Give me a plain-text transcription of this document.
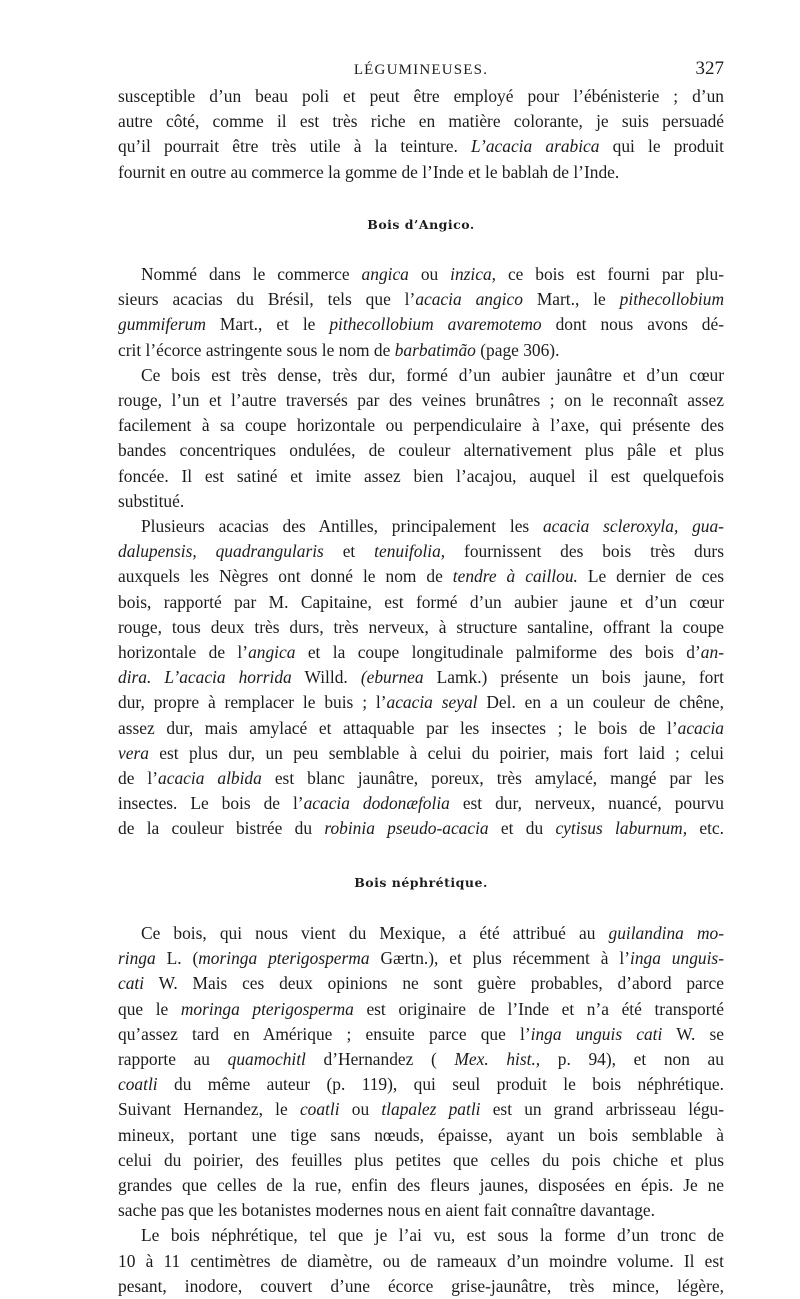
LÉGUMINEUSES.	327

susceptible d’un beau poli et peut être employé pour l’ébénisterie ; d’un
autre côté, comme il est très riche en matière colorante, je suis persuadé
qu’il pourrait être très utile à la teinture. L’acacia arabica qui le produit
fournit en outre au commerce la gomme de l’Inde et le bablah de l’Inde.

Bois d’Angico.

Nommé dans le commerce angica ou inzica, ce bois est fourni par plu-
sieurs acacias du Brésil, tels que l’acacia angico Mart., le pithecollobium
gummiferum Mart., et le pithecollobium avaremotemo dont nous avons dé-
crit l’écorce astringente sous le nom de barbatimão (page 306).

Ce bois est très dense, très dur, formé d’un aubier jaunâtre et d’un cœur
rouge, l’un et l’autre traversés par des veines brunâtres ; on le reconnaît assez
facilement à sa coupe horizontale ou perpendiculaire à l’axe, qui présente des
bandes concentriques ondulées, de couleur alternativement plus pâle et plus
foncée. Il est satiné et imite assez bien l’acajou, auquel il est quelquefois
substitué.

Plusieurs acacias des Antilles, principalement les acacia scleroxyla, gua-
dalupensis, quadrangularis et tenuifolia, fournissent des bois très durs
auxquels les Nègres ont donné le nom de tendre à caillou. Le dernier de ces
bois, rapporté par M. Capitaine, est formé d’un aubier jaune et d’un cœur
rouge, tous deux très durs, très nerveux, à structure santaline, offrant la coupe
horizontale de l’angica et la coupe longitudinale palmiforme des bois d’an-
dira. L’acacia horrida Willd. (eburnea Lamk.) présente un bois jaune, fort
dur, propre à remplacer le buis ; l’acacia seyal Del. en a un couleur de chêne,
assez dur, mais amylacé et attaquable par les insectes ; le bois de l’acacia
vera est plus dur, un peu semblable à celui du poirier, mais fort laid ; celui
de l’acacia albida est blanc jaunâtre, poreux, très amylacé, mangé par les
insectes. Le bois de l’acacia dodonæfolia est dur, nerveux, nuancé, pourvu
de la couleur bistrée du robinia pseudo-acacia et du cytisus laburnum, etc.

Bois néphrétique.

Ce bois, qui nous vient du Mexique, a été attribué au guilandina mo-
ringa L. (moringa pterigosperma Gærtn.), et plus récemment à l’inga unguis-
cati W. Mais ces deux opinions ne sont guère probables, d’abord parce
que le moringa pterigosperma est originaire de l’Inde et n’a été transporté
qu’assez tard en Amérique ; ensuite parce que l’inga unguis cati W. se
rapporte au quamochitl d’Hernandez ( Mex. hist., p. 94), et non au
coatli du même auteur (p. 119), qui seul produit le bois néphrétique.
Suivant Hernandez, le coatli ou tlapalez patli est un grand arbrisseau légu-
mineux, portant une tige sans nœuds, épaisse, ayant un bois semblable à
celui du poirier, des feuilles plus petites que celles du pois chiche et plus
grandes que celles de la rue, enfin des fleurs jaunes, disposées en épis. Je ne
sache pas que les botanistes modernes nous en aient fait connaître davantage.

Le bois néphrétique, tel que je l’ai vu, est sous la forme d’un tronc de
10 à 11 centimètres de diamètre, ou de rameaux d’un moindre volume. Il est
pesant, inodore, couvert d’une écorce grise-jaunâtre, très mince, légère,
